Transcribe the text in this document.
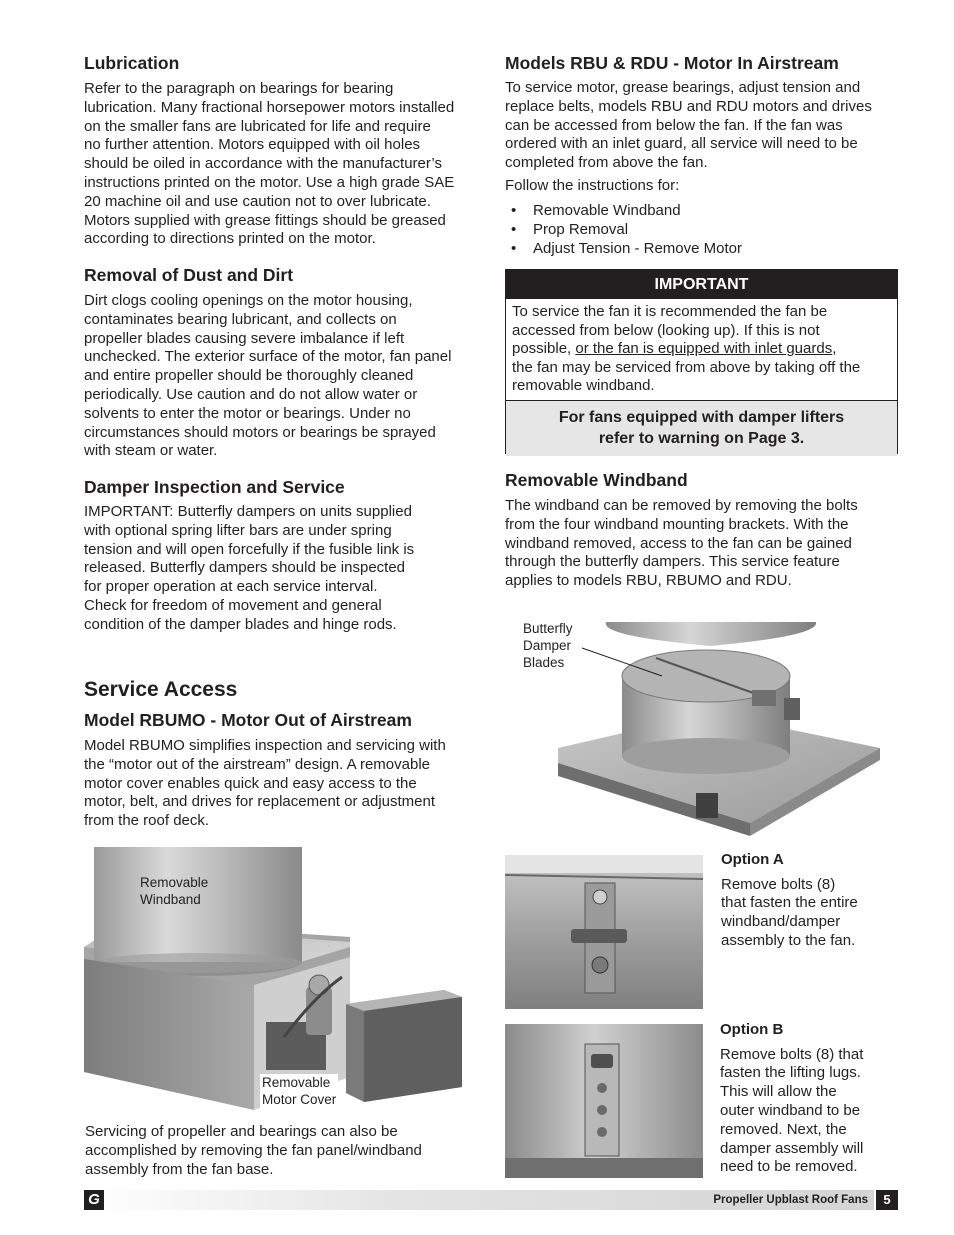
Lubrication

Refer to the paragraph on bearings for bearing
lubrication. Many fractional horsepower motors installed
on the smaller fans are lubricated for life and require
no further attention. Motors equipped with oil holes
should be oiled in accordance with the manufacturer’s
instructions printed on the motor. Use a high grade SAE
20 machine oil and use caution not to over lubricate.
Motors supplied with grease fittings should be greased
according to directions printed on the motor.

Removal of Dust and Dirt

Dirt clogs cooling openings on the motor housing,
contaminates bearing lubricant, and collects on
propeller blades causing severe imbalance if left
unchecked. The exterior surface of the motor, fan panel
and entire propeller should be thoroughly cleaned
periodically. Use caution and do not allow water or
solvents to enter the motor or bearings. Under no
circumstances should motors or bearings be sprayed
with steam or water.

Damper Inspection and Service

IMPORTANT: Butterfly dampers on units supplied
with optional spring lifter bars are under spring
tension and will open forcefully if the fusible link is
released. Butterfly dampers should be inspected
for proper operation at each service interval.
Check for freedom of movement and general
condition of the damper blades and hinge rods.

Service Access
Model RBUMO - Motor Out of Airstream

Model RBUMO simplifies inspection and servicing with
the “motor out of the airstream” design. A removable
motor cover enables quick and easy access to the
motor, belt, and drives for replacement or adjustment
from the roof deck.

Removable
Windband
Removable
Motor Cover

Servicing of propeller and bearings can also be
accomplished by removing the fan panel/windband
assembly from the fan base.

Models RBU & RDU - Motor In Airstream

To service motor, grease bearings, adjust tension and
replace belts, models RBU and RDU motors and drives
can be accessed from below the fan. If the fan was
ordered with an inlet guard, all service will need to be
completed from above the fan.

Follow the instructions for:

• Removable Windband
• Prop Removal
• Adjust Tension - Remove Motor
IMPORTANT
To service the fan it is recommended the fan be
accessed from below (looking up). If this is not
possible, or the fan is equipped with inlet guards,
the fan may be serviced from above by taking off the
removable windband.
For fans equipped with damper lifters
refer to warning on Page 3.
Removable Windband

The windband can be removed by removing the bolts
from the four windband mounting brackets. With the
windband removed, access to the fan can be gained
through the butterfly dampers. This service feature
applies to models RBU, RBUMO and RDU.

Butterfly
Damper
Blades
Option A

Remove bolts (8)
that fasten the entire
windband/damper
assembly to the fan.

Option B

Remove bolts (8) that
fasten the lifting lugs.
This will allow the
outer windband to be
removed. Next, the
damper assembly will
need to be removed.

G	Propeller Upblast Roof Fans	5
